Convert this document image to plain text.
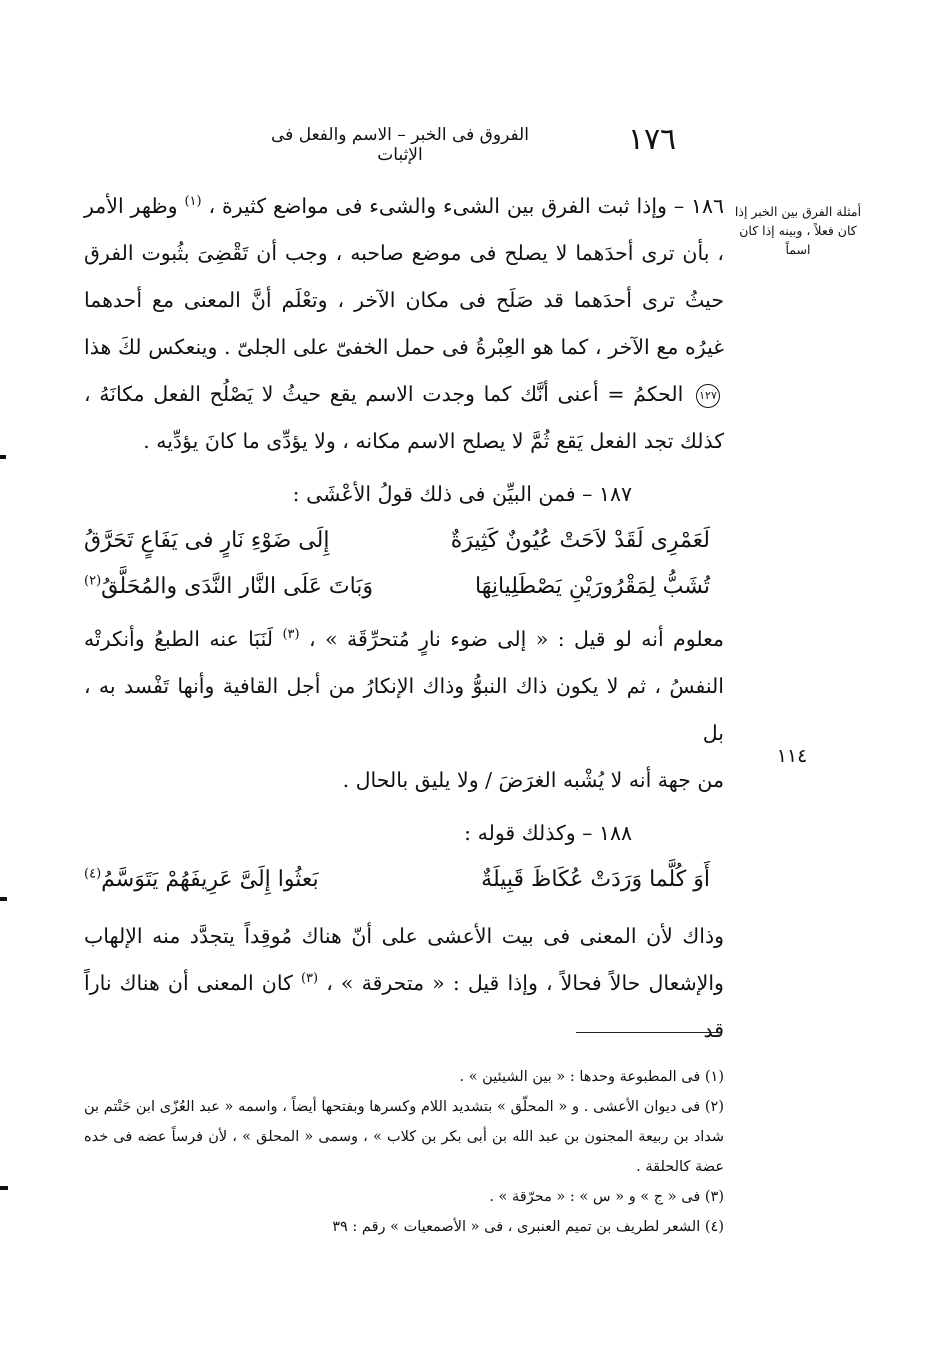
١٧٦
الفروق فى الخبر – الاسم والفعل فى الإثبات
أمثلة الفرق بين الخبر إذا كان فعلاً ، وبينه إذا كان اسماً
١١٤

١٨٦ – وإذا ثبت الفرق بين الشىء والشىء فى مواضع كثيرة ، $^{(١)}$ وظهر الأمر ، بأن ترى أحدَهما لا يصلح فى موضع صاحبه ، وجب أن تَقْضِىَ بثُبوت الفرق حيثُ ترى أحدَهما قد صَلَح فى مكان الآخر ، وتعْلَم أنَّ المعنى مع أحدهما غيرُه مع الآخر ، كما هو العِبْرةُ فى حمل الخفىّ على الجلىّ . وينعكس لكَ هذا ١٢٧ الحكمُ = أعنى أنَّك كما وجدت الاسم يقع حيثُ لا يَصْلُح الفعل مكانَهُ ، كذلك تجد الفعل يَقع ثُمَّ لا يصلح الاسم مكانه ، ولا يؤدِّى ما كانَ يؤدِّيه .

١٨٧ – فمن البيِّن فى ذلك قولُ الأعْشَى :

لَعَمْرِى لَقَدْ لاَحَتْ عُيُونٌ كَثِيرَةٌ
إِلَى ضَوْءِ نَارٍ فى يَفَاعٍ تَحَرَّقُ
تُشَبُّ لِمَقْرُورَيْنِ يَصْطَلِيانِهَا
وَبَاتَ عَلَى النَّار النَّدَى والمُحَلَّقُ$^{(٢)}$

معلوم أنه لو قيل : « إلى ضوء نارٍ مُتحرِّقَة » ، $^{(٣)}$ لَنَبَا عنه الطبعُ وأنكرتْه النفسُ ، ثم لا يكون ذاك النبوُّ وذاك الإنكارُ من أجل القافية وأنها تَفْسد به ، بل

من جهة أنه لا يُشْبه الغرَضَ / ولا يليق بالحال .

١٨٨ – وكذلك قوله :

أَوَ كُلَّما وَرَدَتْ عُكَاظَ قَبِيلَةٌ
بَعثُوا إِلَىَّ عَرِيفَهُمْ يَتَوَسَّمُ$^{(٤)}$

وذاك لأن المعنى فى بيت الأعشى على أنّ هناك مُوقِداً يتجدَّد منه الإلهاب والإشعال حالاً فحالاً ، وإذا قيل : « متحرقة » ، $^{(٣)}$ كان المعنى أن هناك ناراً قد

(١) فى المطبوعة وحدها : « بين الشيئين » .

(٢) فى ديوان الأعشى . و « المحلّق » بتشديد اللام وكسرها وبفتحها أيضاً ، واسمه « عبد العُزّى ابن حَنْتم بن شداد بن ربيعة المجنون بن عبد الله بن أبى بكر بن كلاب » ، وسمى « المحلق » ، لأن فرساً عضه فى خده عضة كالحلقة .

(٣) فى « ج » و « س » : « محرّقة » .

(٤) الشعر لطريف بن تميم العنبرى ، فى « الأصمعيات » رقم : ٣٩
